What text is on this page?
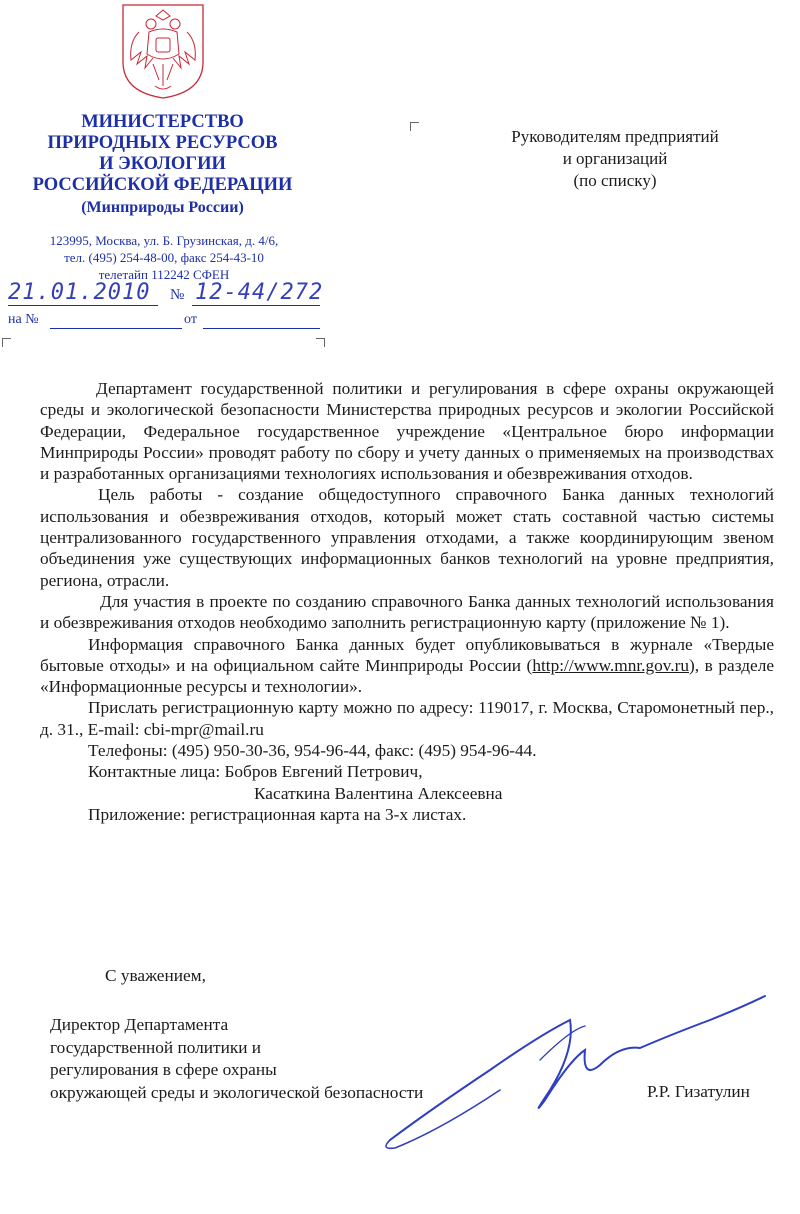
МИНИСТЕРСТВО
ПРИРОДНЫХ РЕСУРСОВ
И ЭКОЛОГИИ
РОССИЙСКОЙ ФЕДЕРАЦИИ
(Минприроды России)
123995, Москва, ул. Б. Грузинская, д. 4/6,
тел. (495) 254-48-00, факс 254-43-10
телетайп 112242 СФЕН
21.01.2010 № 12-44/272
на №	от
Руководителям предприятий
и организаций
(по списку)

Департамент государственной политики и регулирования в сфере охраны окружающей среды и экологической безопасности Министерства природных ресурсов и экологии Российской Федерации, Федеральное государственное учреждение «Центральное бюро информации Минприроды России» проводят работу по сбору и учету данных о применяемых на производствах и разработанных организациями технологиях использования и обезвреживания отходов.

Цель работы - создание общедоступного справочного Банка данных технологий использования и обезвреживания отходов, который может стать составной частью системы централизованного государственного управления отходами, а также координирующим звеном объединения уже существующих информационных банков технологий на уровне предприятия, региона, отрасли.

Для участия в проекте по созданию справочного Банка данных технологий использования и обезвреживания отходов необходимо заполнить регистрационную карту (приложение № 1).

Информация справочного Банка данных будет опубликовываться в журнале «Твердые бытовые отходы» и на официальном сайте Минприроды России (http://www.mnr.gov.ru), в разделе «Информационные ресурсы и технологии».

Прислать регистрационную карту можно по адресу: 119017, г. Москва, Старомонетный пер., д. 31., E-mail: cbi-mpr@mail.ru

Телефоны: (495) 950-30-36, 954-96-44, факс: (495) 954-96-44.

Контактные лица: Бобров Евгений Петрович,

Касаткина Валентина Алексеевна

Приложение: регистрационная карта на 3-х листах.

С уважением,
Директор Департамента
государственной политики и
регулирования в сфере охраны
окружающей среды и экологической безопасности	Р.Р. Гизатулин
